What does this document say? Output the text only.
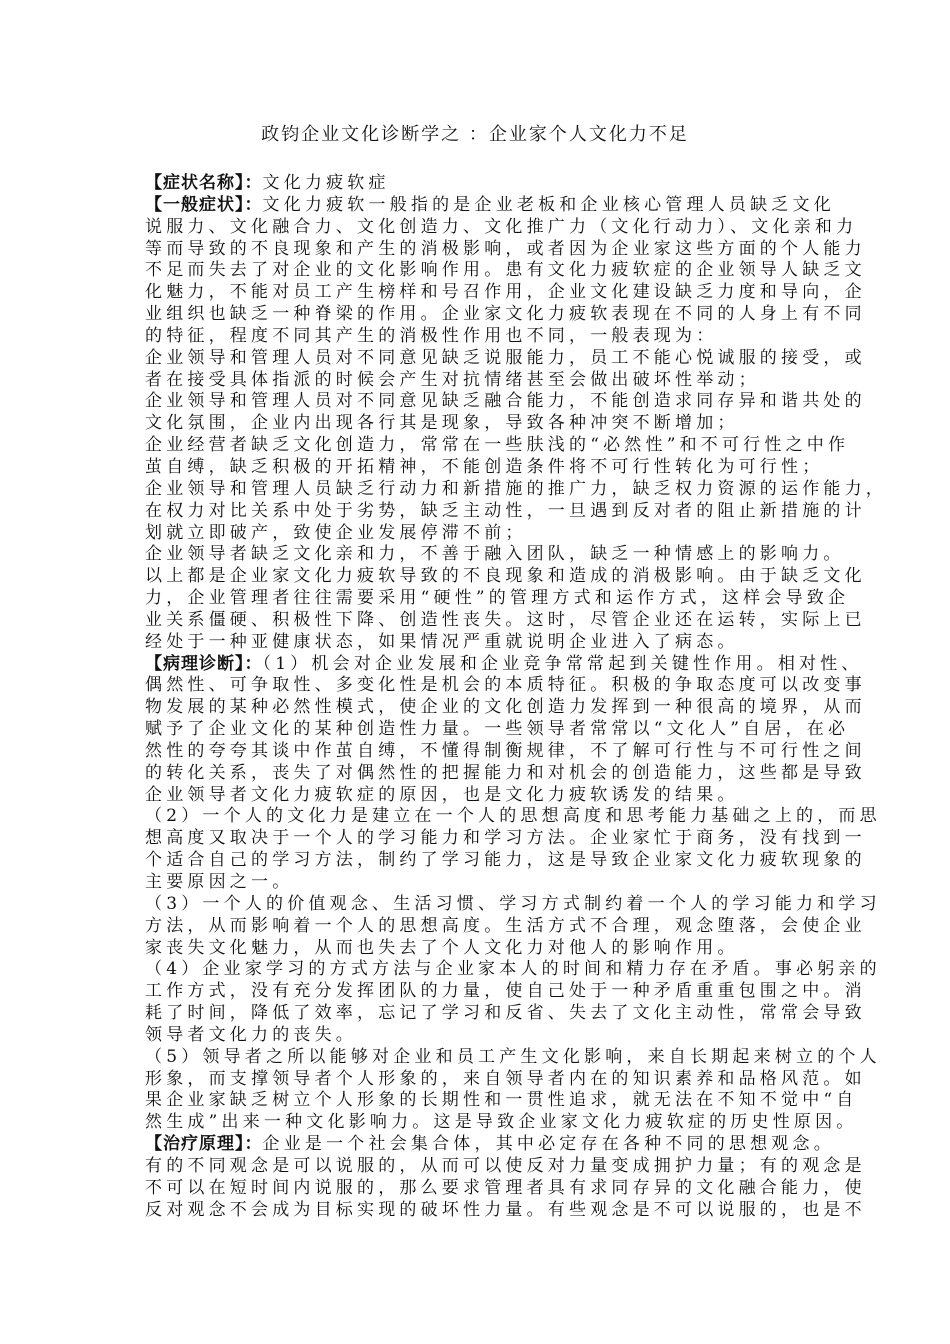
政钧企业文化诊断学之 ：企业家个人文化力不足
【症状名称】：文化力疲软症
【一般症状】：文化力疲软一般指的是企业老板和企业核心管理人员缺乏文化
说服力、文化融合力、文化创造力、文化推广力（文化行动力）、文化亲和力
等而导致的不良现象和产生的消极影响，或者因为企业家这些方面的个人能力
不足而失去了对企业的文化影响作用。患有文化力疲软症的企业领导人缺乏文
化魅力，不能对员工产生榜样和号召作用，企业文化建设缺乏力度和导向，企
业组织也缺乏一种脊梁的作用。企业家文化力疲软表现在不同的人身上有不同
的特征，程度不同其产生的消极性作用也不同，一般表现为：
企业领导和管理人员对不同意见缺乏说服能力，员工不能心悦诚服的接受，或
者在接受具体指派的时候会产生对抗情绪甚至会做出破坏性举动；
企业领导和管理人员对不同意见缺乏融合能力，不能创造求同存异和谐共处的
文化氛围，企业内出现各行其是现象，导致各种冲突不断增加；
企业经营者缺乏文化创造力，常常在一些肤浅的“必然性”和不可行性之中作
茧自缚，缺乏积极的开拓精神，不能创造条件将不可行性转化为可行性；
企业领导和管理人员缺乏行动力和新措施的推广力，缺乏权力资源的运作能力，
在权力对比关系中处于劣势，缺乏主动性，一旦遇到反对者的阻止新措施的计
划就立即破产，致使企业发展停滞不前；
企业领导者缺乏文化亲和力，不善于融入团队，缺乏一种情感上的影响力。
以上都是企业家文化力疲软导致的不良现象和造成的消极影响。由于缺乏文化
力，企业管理者往往需要采用“硬性”的管理方式和运作方式，这样会导致企
业关系僵硬、积极性下降、创造性丧失。这时，尽管企业还在运转，实际上已
经处于一种亚健康状态，如果情况严重就说明企业进入了病态。
【病理诊断】：（1）机会对企业发展和企业竞争常常起到关键性作用。相对性、
偶然性、可争取性、多变化性是机会的本质特征。积极的争取态度可以改变事
物发展的某种必然性模式，使企业的文化创造力发挥到一种很高的境界，从而
赋予了企业文化的某种创造性力量。一些领导者常常以“文化人”自居，在必
然性的夸夸其谈中作茧自缚，不懂得制衡规律，不了解可行性与不可行性之间
的转化关系，丧失了对偶然性的把握能力和对机会的创造能力，这些都是导致
企业领导者文化力疲软症的原因，也是文化力疲软诱发的结果。
（2）一个人的文化力是建立在一个人的思想高度和思考能力基础之上的，而思
想高度又取决于一个人的学习能力和学习方法。企业家忙于商务，没有找到一
个适合自己的学习方法，制约了学习能力，这是导致企业家文化力疲软现象的
主要原因之一。
（3）一个人的价值观念、生活习惯、学习方式制约着一个人的学习能力和学习
方法，从而影响着一个人的思想高度。生活方式不合理，观念堕落，会使企业
家丧失文化魅力，从而也失去了个人文化力对他人的影响作用。
（4）企业家学习的方式方法与企业家本人的时间和精力存在矛盾。事必躬亲的
工作方式，没有充分发挥团队的力量，使自己处于一种矛盾重重包围之中。消
耗了时间，降低了效率，忘记了学习和反省、失去了文化主动性，常常会导致
领导者文化力的丧失。
（5）领导者之所以能够对企业和员工产生文化影响，来自长期起来树立的个人
形象，而支撑领导者个人形象的，来自领导者内在的知识素养和品格风范。如
果企业家缺乏树立个人形象的长期性和一贯性追求，就无法在不知不觉中“自
然生成”出来一种文化影响力。这是导致企业家文化力疲软症的历史性原因。
【治疗原理】：企业是一个社会集合体，其中必定存在各种不同的思想观念。
有的不同观念是可以说服的，从而可以使反对力量变成拥护力量；有的观念是
不可以在短时间内说服的，那么要求管理者具有求同存异的文化融合能力，使
反对观念不会成为目标实现的破坏性力量。有些观念是不可以说服的，也是不
